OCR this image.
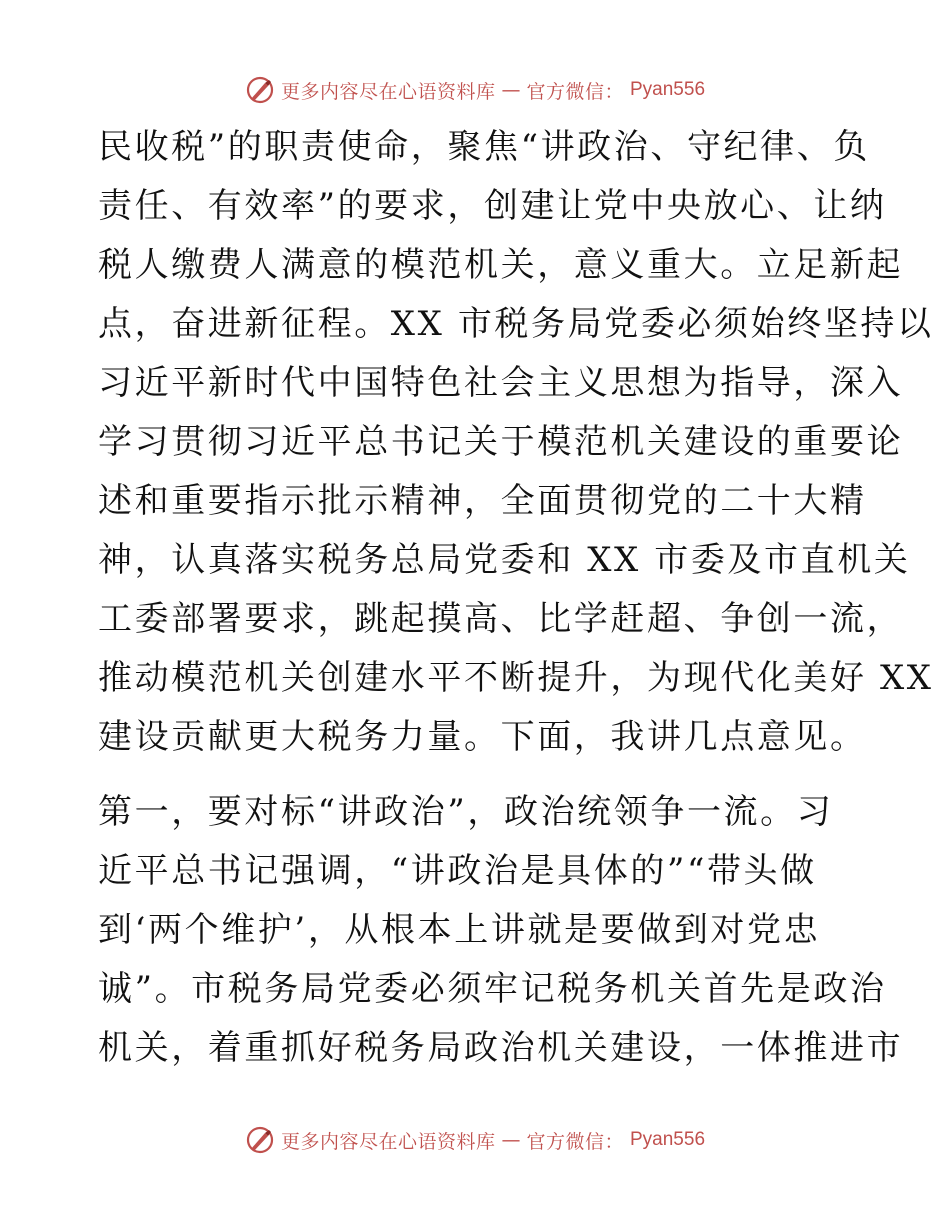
更多内容尽在心语资料库 — 官方微信： Pyan556
民收税”的职责使命，聚焦“讲政治、守纪律、负
责任、有效率”的要求，创建让党中央放心、让纳
税人缴费人满意的模范机关，意义重大。立足新起
点，奋进新征程。XX 市税务局党委必须始终坚持以
习近平新时代中国特色社会主义思想为指导，深入
学习贯彻习近平总书记关于模范机关建设的重要论
述和重要指示批示精神，全面贯彻党的二十大精
神，认真落实税务总局党委和 XX 市委及市直机关
工委部署要求，跳起摸高、比学赶超、争创一流，
推动模范机关创建水平不断提升，为现代化美好 XX
建设贡献更大税务力量。下面，我讲几点意见。
第一，要对标“讲政治”，政治统领争一流。习
近平总书记强调，“讲政治是具体的”“带头做
到‘两个维护’，从根本上讲就是要做到对党忠
诚”。市税务局党委必须牢记税务机关首先是政治
机关，着重抓好税务局政治机关建设，一体推进市
更多内容尽在心语资料库 — 官方微信： Pyan556
